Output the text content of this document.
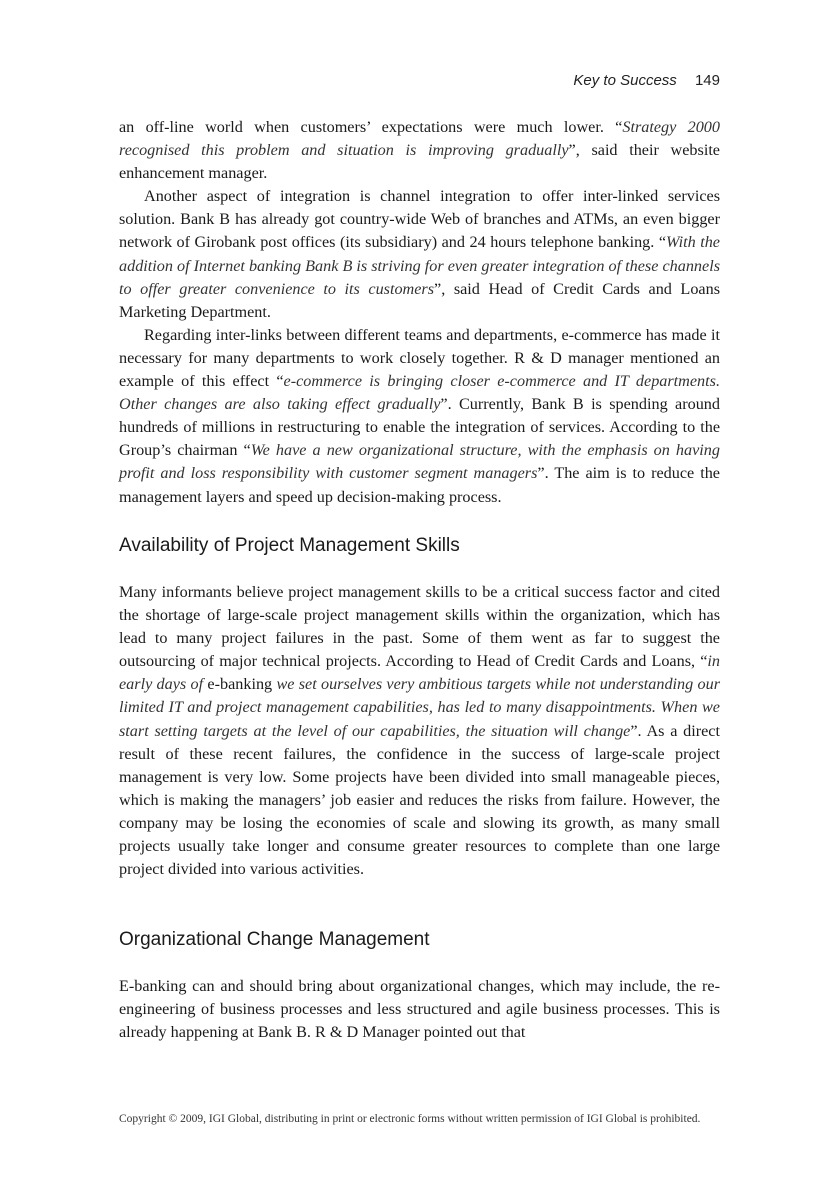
Key to Success 149

an off-line world when customers’ expectations were much lower. “Strategy 2000 recognised this problem and situation is improving gradually”, said their website enhancement manager.

Another aspect of integration is channel integration to offer inter-linked services solution. Bank B has already got country-wide Web of branches and ATMs, an even bigger network of Girobank post offices (its subsidiary) and 24 hours telephone banking. “With the addition of Internet banking Bank B is striving for even greater integration of these channels to offer greater convenience to its customers”, said Head of Credit Cards and Loans Marketing Department.

Regarding inter-links between different teams and departments, e-commerce has made it necessary for many departments to work closely together. R & D manager mentioned an example of this effect “e-commerce is bringing closer e-commerce and IT departments. Other changes are also taking effect gradually”. Currently, Bank B is spending around hundreds of millions in restructuring to enable the integration of services. According to the Group’s chairman “We have a new organizational structure, with the emphasis on having profit and loss responsibility with customer segment managers”. The aim is to reduce the management layers and speed up decision-making process.

Availability of Project Management Skills

Many informants believe project management skills to be a critical success factor and cited the shortage of large-scale project management skills within the organization, which has lead to many project failures in the past. Some of them went as far to suggest the outsourcing of major technical projects. According to Head of Credit Cards and Loans, “in early days of e-banking we set ourselves very ambitious targets while not understanding our limited IT and project management capabilities, has led to many disappointments. When we start setting targets at the level of our capabilities, the situation will change”. As a direct result of these recent failures, the confidence in the success of large-scale project management is very low. Some projects have been divided into small manageable pieces, which is making the managers’ job easier and reduces the risks from failure. However, the company may be losing the economies of scale and slowing its growth, as many small projects usually take longer and consume greater resources to complete than one large project divided into various activities.

Organizational Change Management

E-banking can and should bring about organizational changes, which may include, the re-engineering of business processes and less structured and agile business processes. This is already happening at Bank B. R & D Manager pointed out that

Copyright © 2009, IGI Global, distributing in print or electronic forms without written permission of IGI Global is prohibited.
